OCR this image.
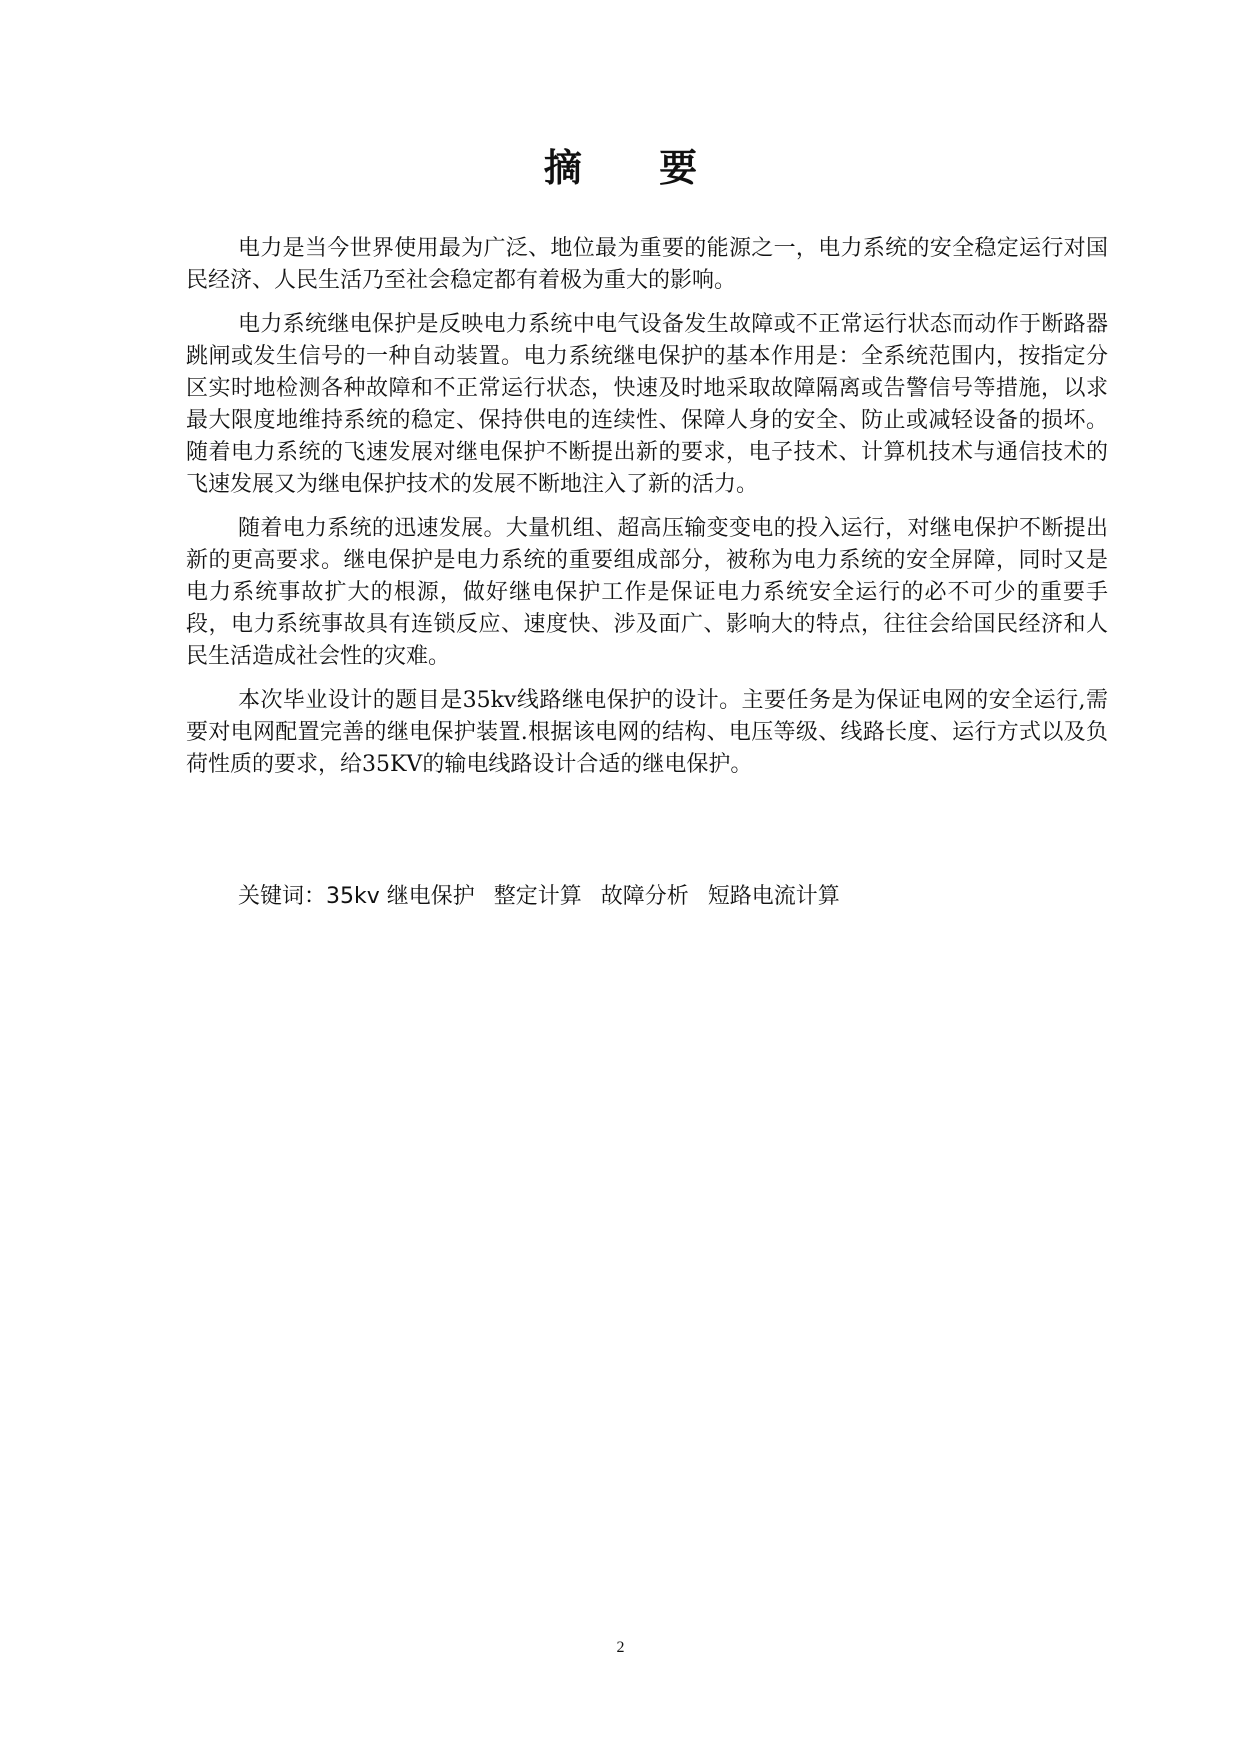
摘 要

电力是当今世界使用最为广泛、地位最为重要的能源之一，电力系统的安全稳定运行对国民经济、人民生活乃至社会稳定都有着极为重大的影响。

电力系统继电保护是反映电力系统中电气设备发生故障或不正常运行状态而动作于断路器跳闸或发生信号的一种自动装置。电力系统继电保护的基本作用是：全系统范围内，按指定分区实时地检测各种故障和不正常运行状态，快速及时地采取故障隔离或告警信号等措施，以求最大限度地维持系统的稳定、保持供电的连续性、保障人身的安全、防止或减轻设备的损坏。随着电力系统的飞速发展对继电保护不断提出新的要求，电子技术、计算机技术与通信技术的飞速发展又为继电保护技术的发展不断地注入了新的活力。

随着电力系统的迅速发展。大量机组、超高压输变变电的投入运行，对继电保护不断提出新的更高要求。继电保护是电力系统的重要组成部分，被称为电力系统的安全屏障，同时又是电力系统事故扩大的根源，做好继电保护工作是保证电力系统安全运行的必不可少的重要手段，电力系统事故具有连锁反应、速度快、涉及面广、影响大的特点，往往会给国民经济和人民生活造成社会性的灾难。

本次毕业设计的题目是35kv线路继电保护的设计。主要任务是为保证电网的安全运行,需要对电网配置完善的继电保护装置.根据该电网的结构、电压等级、线路长度、运行方式以及负荷性质的要求，给35KV的输电线路设计合适的继电保护。

关键词：35kv 继电保护 整定计算 故障分析 短路电流计算
2
